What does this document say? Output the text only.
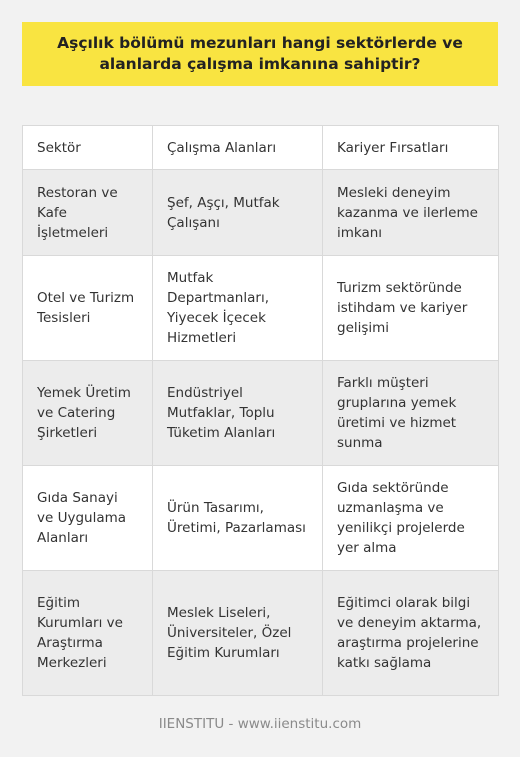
Aşçılık bölümü mezunları hangi sektörlerde ve alanlarda çalışma imkanına sahiptir?
Sektör	Çalışma Alanları	Kariyer Fırsatları
Restoran ve Kafe İşletmeleri	Şef, Aşçı, Mutfak Çalışanı	Mesleki deneyim kazanma ve ilerleme imkanı
Otel ve Turizm Tesisleri	Mutfak Departmanları, Yiyecek İçecek Hizmetleri	Turizm sektöründe istihdam ve kariyer gelişimi
Yemek Üretim ve Catering Şirketleri	Endüstriyel Mutfaklar, Toplu Tüketim Alanları	Farklı müşteri gruplarına yemek üretimi ve hizmet sunma
Gıda Sanayi ve Uygulama Alanları	Ürün Tasarımı, Üretimi, Pazarlaması	Gıda sektöründe uzmanlaşma ve yenilikçi projelerde yer alma
Eğitim Kurumları ve Araştırma Merkezleri	Meslek Liseleri, Üniversiteler, Özel Eğitim Kurumları	Eğitimci olarak bilgi ve deneyim aktarma, araştırma projelerine katkı sağlama
IIENSTITU - www.iienstitu.com
